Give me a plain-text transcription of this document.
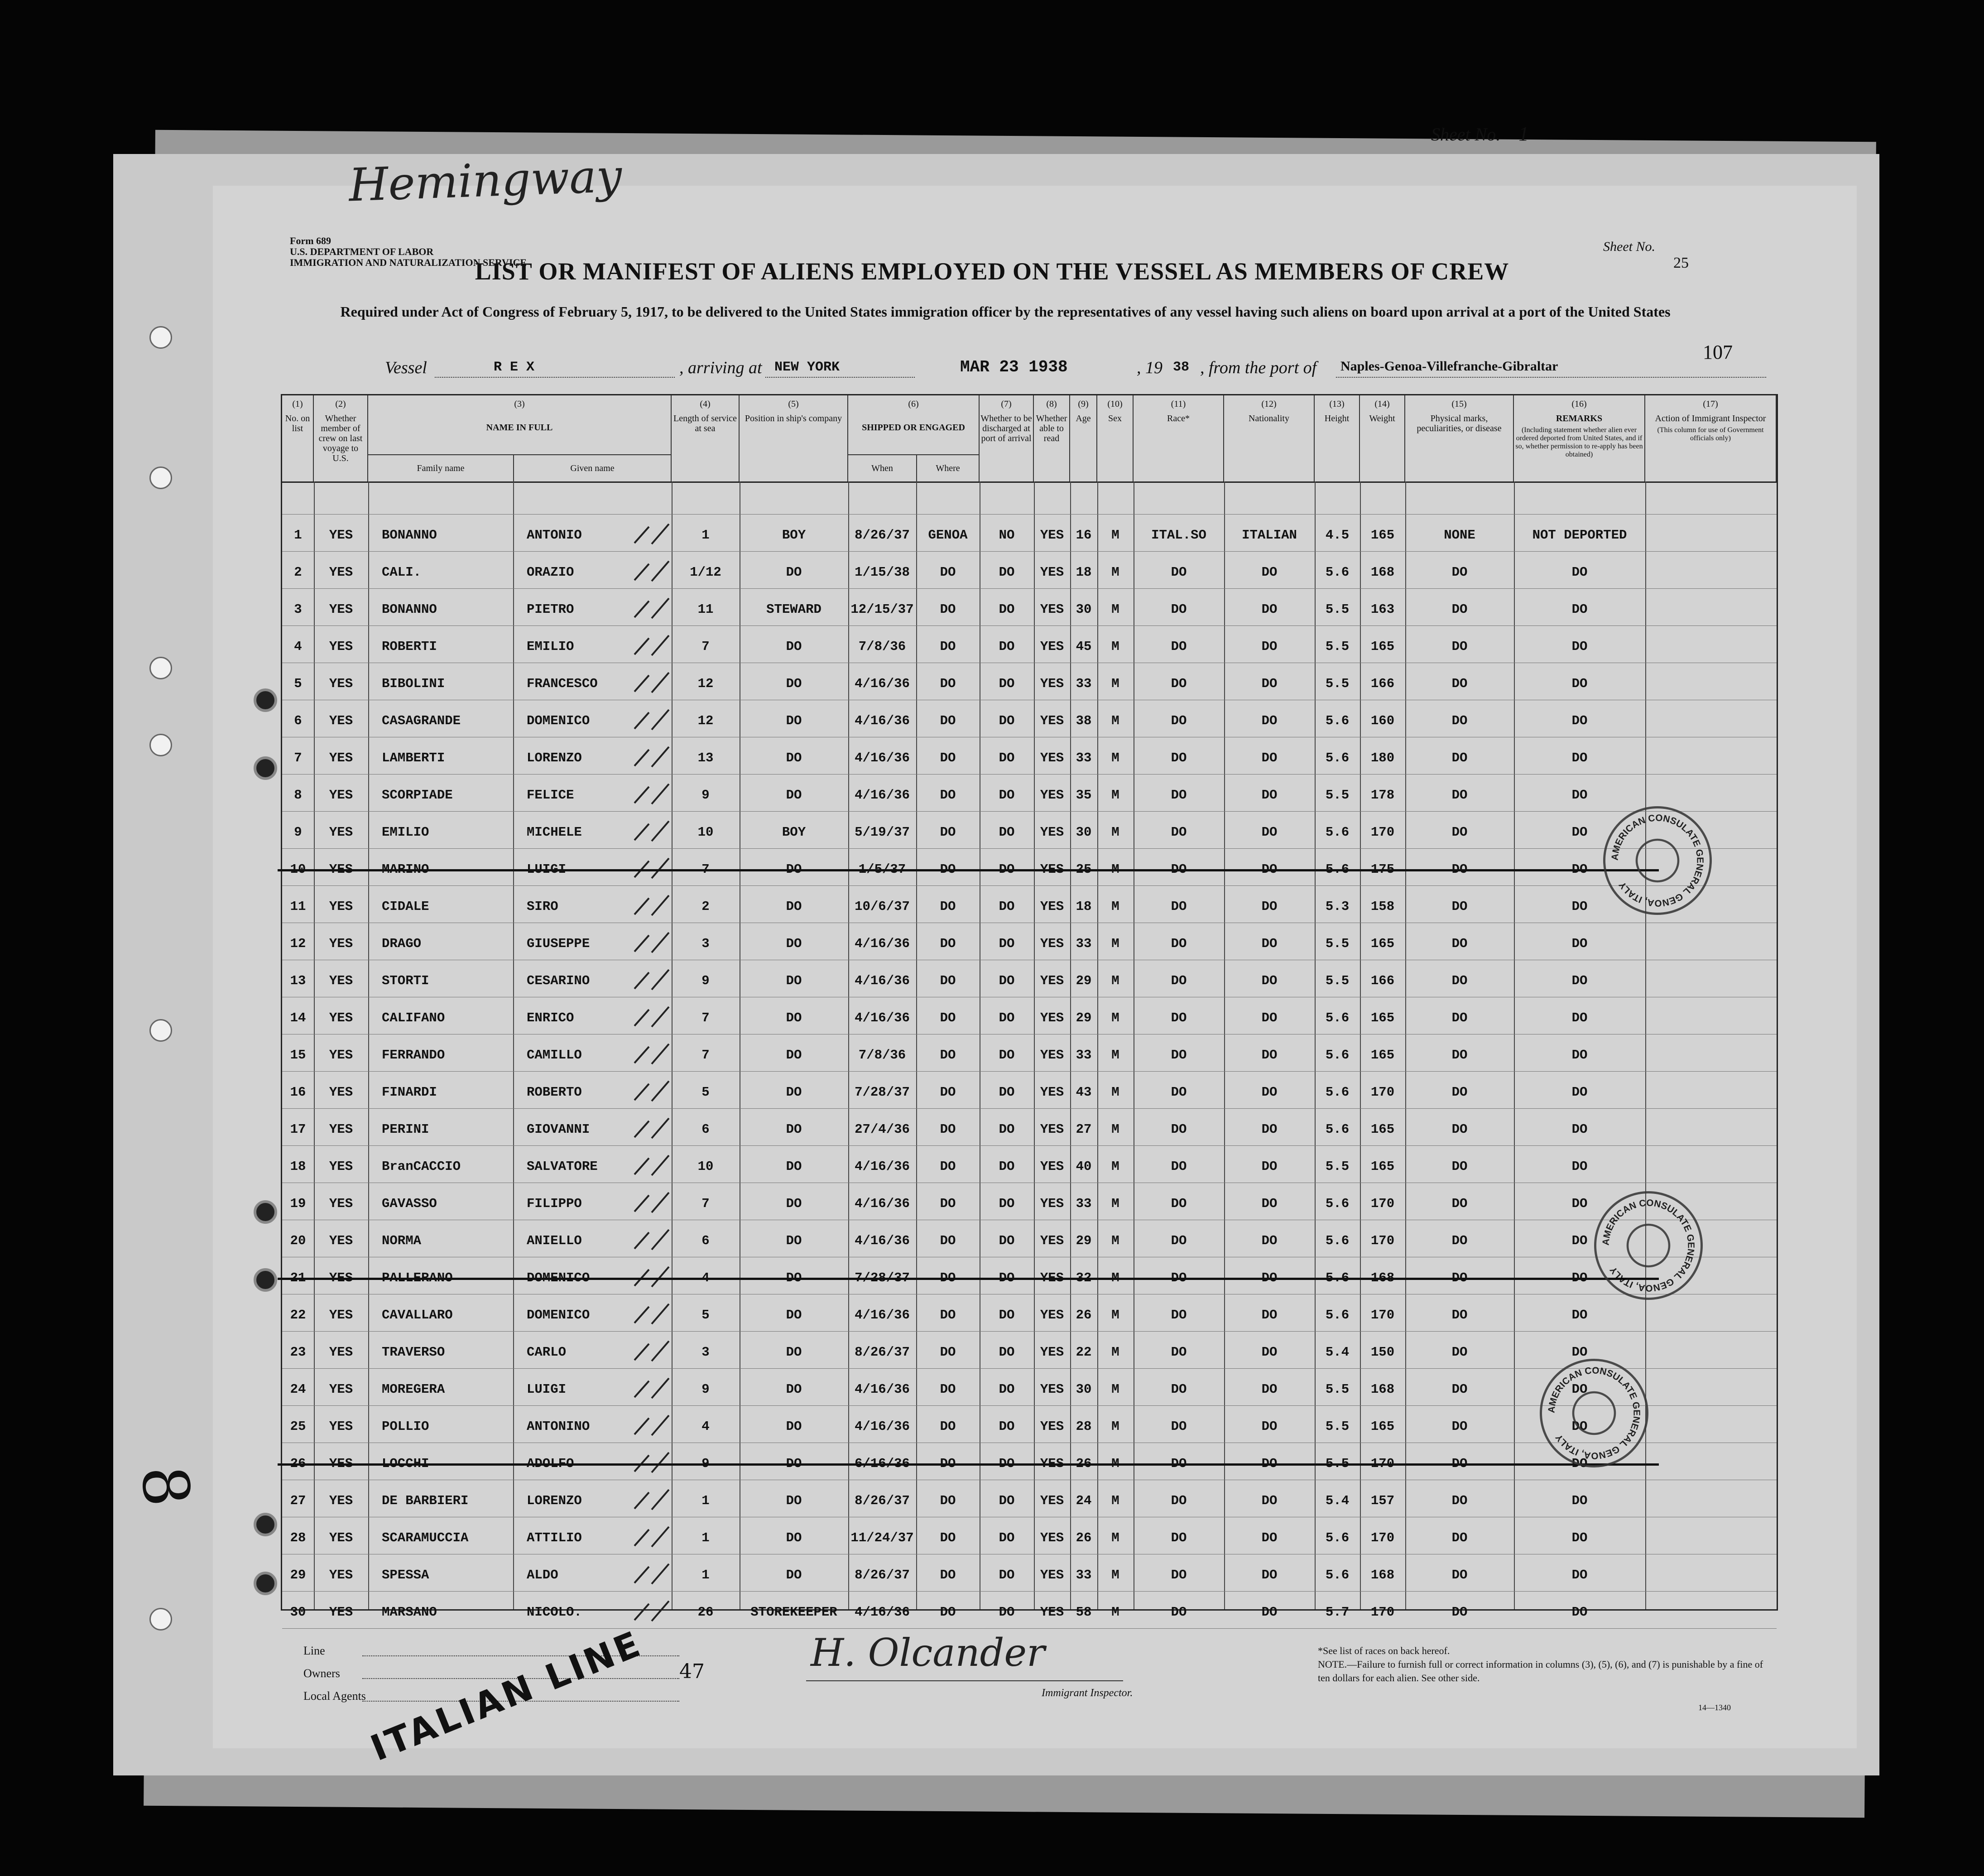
Sheet No. 1
Hemingway
Form 689
U.S. DEPARTMENT OF LABOR
IMMIGRATION AND NATURALIZATION SERVICE
Sheet No.
25
LIST OR MANIFEST OF ALIENS EMPLOYED ON THE VESSEL AS MEMBERS OF CREW
Required under Act of Congress of February 5, 1917, to be delivered to the United States immigration officer by the representatives of any vessel having such aliens on board upon arrival at a port of the United States
107
Vessel	R E X	, arriving at NEW YORK	MAR 23 1938	, 19 38 , from the port of Naples-Genoa-Villefranche-Gibraltar
(1)
No. on list
(2)
Whether member of crew on last voyage to U.S.
(3)
NAME IN FULL
Family name	Given name
(4)
Length of service at sea
(5)
Position in ship's company
(6)
SHIPPED OR ENGAGED
When	Where
(7)
Whether to be discharged at port of arrival
(8)
Whether able to read
(9)
Age
(10)
Sex
(11)
Race*
(12)
Nationality
(13)
Height
(14)
Weight
(15)
Physical marks, peculiarities, or disease
(16)
REMARKS
(Including statement whether alien ever ordered deported from United States, and if so, whether permission to re-apply has been obtained)
(17)
Action of Immigrant Inspector
(This column for use of Government officials only)
1	YES	BONANNO	ANTONIO	1	BOY	8/26/37	GENOA	NO	YES 16	M	ITAL.SO	ITALIAN	4.5	165	NONE	NOT DEPORTED
2	YES	CALI.	ORAZIO	1/12	DO	1/15/38	DO	DO	YES 18	M	DO	DO	5.6	168	DO	DO
3	YES	BONANNO	PIETRO	11	STEWARD	12/15/37	DO	DO	YES 30	M	DO	DO	5.5	163	DO	DO
4	YES	ROBERTI	EMILIO	7	DO	7/8/36	DO	DO	YES 45	M	DO	DO	5.5	165	DO	DO
5	YES	BIBOLINI	FRANCESCO	12	DO	4/16/36	DO	DO	YES 33	M	DO	DO	5.5	166	DO	DO
6	YES	CASAGRANDE	DOMENICO	12	DO	4/16/36	DO	DO	YES 38	M	DO	DO	5.6	160	DO	DO
7	YES	LAMBERTI	LORENZO	13	DO	4/16/36	DO	DO	YES 33	M	DO	DO	5.6	180	DO	DO
8	YES	SCORPIADE	FELICE	9	DO	4/16/36	DO	DO	YES 35	M	DO	DO	5.5	178	DO	DO
9	YES	EMILIO	MICHELE	10	BOY	5/19/37	DO	DO	YES 30	M	DO	DO	5.6	170	DO	DO
10	YES	MARINO	LUIGI	7	DO	1/5/37	DO	DO	YES 25	M	DO	DO	5.6	175	DO	DO
11	YES	CIDALE	SIRO	2	DO	10/6/37	DO	DO	YES 18	M	DO	DO	5.3	158	DO	DO
12	YES	DRAGO	GIUSEPPE	3	DO	4/16/36	DO	DO	YES 33	M	DO	DO	5.5	165	DO	DO
13	YES	STORTI	CESARINO	9	DO	4/16/36	DO	DO	YES 29	M	DO	DO	5.5	166	DO	DO
14	YES	CALIFANO	ENRICO	7	DO	4/16/36	DO	DO	YES 29	M	DO	DO	5.6	165	DO	DO
15	YES	FERRANDO	CAMILLO	7	DO	7/8/36	DO	DO	YES 33	M	DO	DO	5.6	165	DO	DO
16	YES	FINARDI	ROBERTO	5	DO	7/28/37	DO	DO	YES 43	M	DO	DO	5.6	170	DO	DO
17	YES	PERINI	GIOVANNI	6	DO	27/4/36	DO	DO	YES 27	M	DO	DO	5.6	165	DO	DO
18	YES	BranCACCIO	SALVATORE	10	DO	4/16/36	DO	DO	YES 40	M	DO	DO	5.5	165	DO	DO
19	YES	GAVASSO	FILIPPO	7	DO	4/16/36	DO	DO	YES 33	M	DO	DO	5.6	170	DO	DO
20	YES	NORMA	ANIELLO	6	DO	4/16/36	DO	DO	YES 29	M	DO	DO	5.6	170	DO	DO
21	YES	PALLERANO	DOMENICO	4	DO	7/28/37	DO	DO	YES 32	M	DO	DO	5.6	168	DO	DO
22	YES	CAVALLARO	DOMENICO	5	DO	4/16/36	DO	DO	YES 26	M	DO	DO	5.6	170	DO	DO
23	YES	TRAVERSO	CARLO	3	DO	8/26/37	DO	DO	YES 22	M	DO	DO	5.4	150	DO	DO
24	YES	MOREGERA	LUIGI	9	DO	4/16/36	DO	DO	YES 30	M	DO	DO	5.5	168	DO	DO
25	YES	POLLIO	ANTONINO	4	DO	4/16/36	DO	DO	YES 28	M	DO	DO	5.5	165	DO	DO
26	YES	LOCCHI	ADOLFO	9	DO	6/16/36	DO	DO	YES 26	M	DO	DO	5.5	170	DO	DO
27	YES	DE BARBIERI	LORENZO	1	DO	8/26/37	DO	DO	YES 24	M	DO	DO	5.4	157	DO	DO
28	YES	SCARAMUCCIA	ATTILIO	1	DO	11/24/37	DO	DO	YES 26	M	DO	DO	5.6	170	DO	DO
29	YES	SPESSA	ALDO	1	DO	8/26/37	DO	DO	YES 33	M	DO	DO	5.6	168	DO	DO
30	YES	MARSANO	NICOLO.	26	STOREKEEPER	4/16/36	DO	DO	YES 58	M	DO	DO	5.7	170	DO	DO
Line
Owners
Local Agents
ITALIAN LINE 47	H. Olcander
Immigrant Inspector.
*See list of races on back hereof.
NOTE.—Failure to furnish full or correct information in columns (3), (5), (6), and (7) is punishable by a fine of ten dollars for each alien. See other side.
14—1340
8
AMERICAN CONSULATE GENERAL GENOA, ITALY
AMERICAN CONSULATE GENERAL GENOA, ITALY
AMERICAN CONSULATE GENERAL GENOA, ITALY
